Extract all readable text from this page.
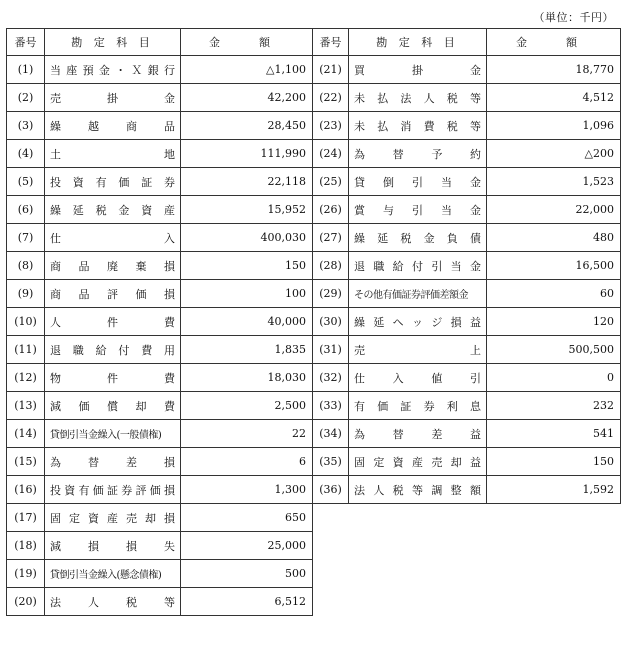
（単位：千円）
番号	勘 定 科 目	金　額
(1)	当座預金・Ｘ銀行	△1,100
(2)	売　掛　金	42,200
(3)	繰越商品	28,450
(4)	土　　地	111,990
(5)	投資有価証券	22,118
(6)	繰延税金資産	15,952
(7)	仕　　入	400,030
(8)	商品廃棄損	150
(9)	商品評価損	100
(10)	人　件　費	40,000
(11)	退職給付費用	1,835
(12)	物　件　費	18,030
(13)	減価償却費	2,500
(14)	貸倒引当金繰入(一般債権)	22
(15)	為　替　差　損	6
(16)	投資有価証券評価損	1,300
(17)	固定資産売却損	650
(18)	減　損　損　失	25,000
(19)	貸倒引当金繰入(懸念債権)	500
(20)	法　人　税　等	6,512
番号	勘 定 科 目	金　額
(21)	買　掛　金	18,770
(22)	未払法人税等	4,512
(23)	未払消費税等	1,096
(24)	為　替　予　約	△200
(25)	貸倒引当金	1,523
(26)	賞与引当金	22,000
(27)	繰延税金負債	480
(28)	退職給付引当金	16,500
(29)	その他有価証券評価差額金	60
(30)	繰延ヘッジ損益	120
(31)	売　　上	500,500
(32)	仕入値引	0
(33)	有価証券利息	232
(34)	為　替　差　益	541
(35)	固定資産売却益	150
(36)	法人税等調整額	1,592
